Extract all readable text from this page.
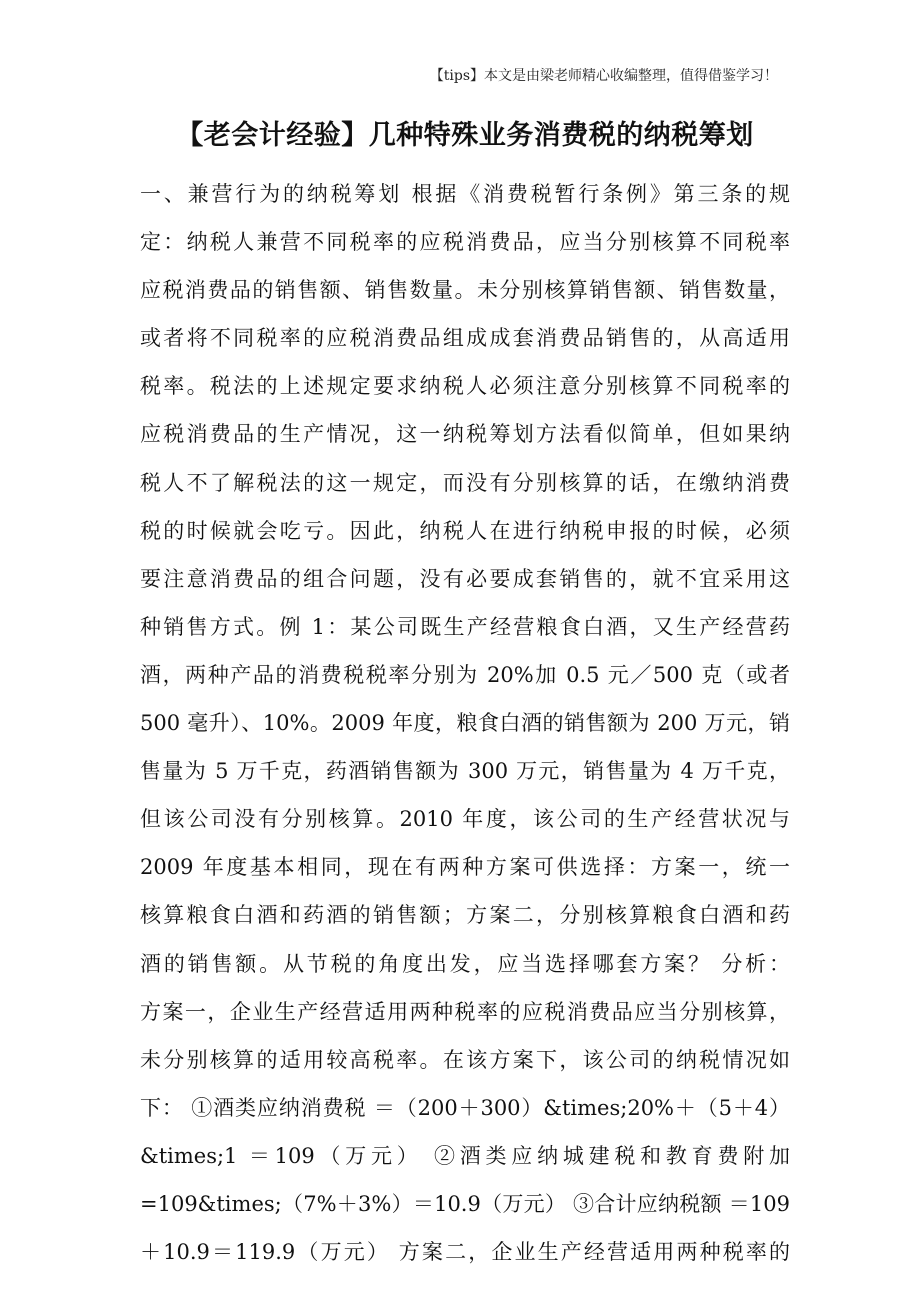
【tips】本文是由梁老师精心收编整理，值得借鉴学习！
【老会计经验】几种特殊业务消费税的纳税筹划
一、兼营行为的纳税筹划 根据《消费税暂行条例》第三条的规
定：纳税人兼营不同税率的应税消费品，应当分别核算不同税率
应税消费品的销售额、销售数量。未分别核算销售额、销售数量，
或者将不同税率的应税消费品组成成套消费品销售的，从高适用
税率。税法的上述规定要求纳税人必须注意分别核算不同税率的
应税消费品的生产情况，这一纳税筹划方法看似简单，但如果纳
税人不了解税法的这一规定，而没有分别核算的话，在缴纳消费
税的时候就会吃亏。因此，纳税人在进行纳税申报的时候，必须
要注意消费品的组合问题，没有必要成套销售的，就不宜采用这
种销售方式。例 1：某公司既生产经营粮食白酒，又生产经营药
酒，两种产品的消费税税率分别为 20%加 0.5 元／500 克（或者
500 毫升）、10%。2009 年度，粮食白酒的销售额为 200 万元，销
售量为 5 万千克，药酒销售额为 300 万元，销售量为 4 万千克，
但该公司没有分别核算。2010 年度，该公司的生产经营状况与
2009 年度基本相同，现在有两种方案可供选择：方案一，统一
核算粮食白酒和药酒的销售额；方案二，分别核算粮食白酒和药
酒的销售额。从节税的角度出发，应当选择哪套方案？ 分析：
方案一，企业生产经营适用两种税率的应税消费品应当分别核算，
未分别核算的适用较高税率。在该方案下，该公司的纳税情况如
下： ①酒类应纳消费税 ＝（200＋300）&times;20%＋（5＋4）
&times;1 ＝109（万元） ②酒类应纳城建税和教育费附加
=109&times;（7%＋3%）＝10.9（万元） ③合计应纳税额 ＝109
＋10.9＝119.9（万元） 方案二，企业生产经营适用两种税率的
